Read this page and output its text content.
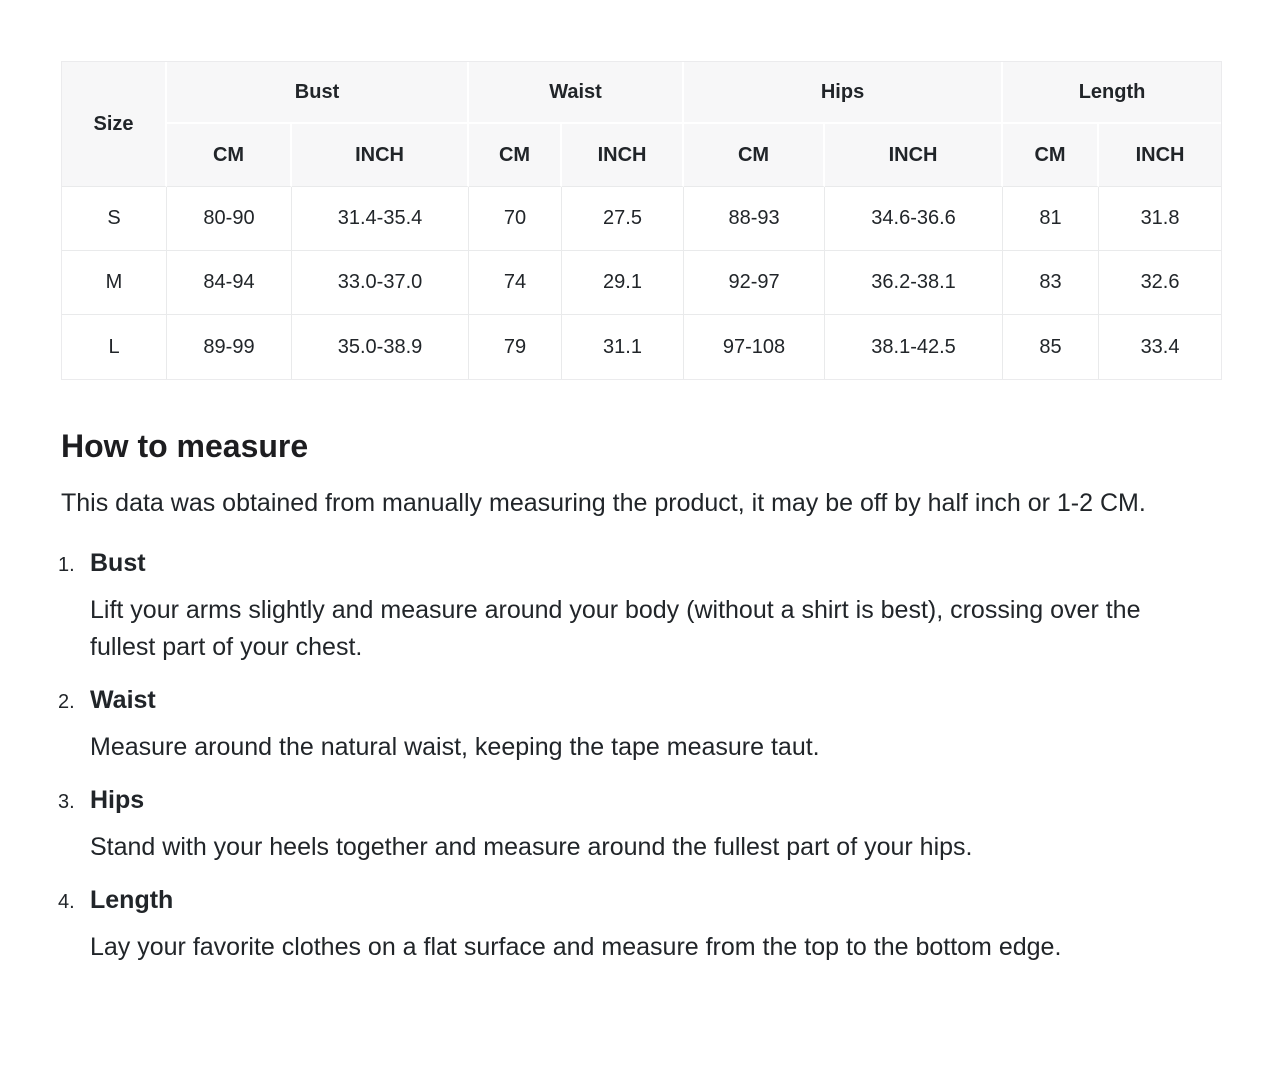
Size	Bust		Waist		Hips		Length	
	CM	INCH	CM	INCH	CM	INCH	CM	INCH
S	80-90	31.4-35.4	70	27.5	88-93	34.6-36.6	81	31.8
M	84-94	33.0-37.0	74	29.1	92-97	36.2-38.1	83	32.6
L	89-99	35.0-38.9	79	31.1	97-108	38.1-42.5	85	33.4
How to measure

This data was obtained from manually measuring the product, it may be off by half inch or 1-2 CM.

1. Bust

Lift your arms slightly and measure around your body (without a shirt is best), crossing over the fullest part of your chest.

2. Waist

Measure around the natural waist, keeping the tape measure taut.

3. Hips

Stand with your heels together and measure around the fullest part of your hips.

4. Length

Lay your favorite clothes on a flat surface and measure from the top to the bottom edge.
